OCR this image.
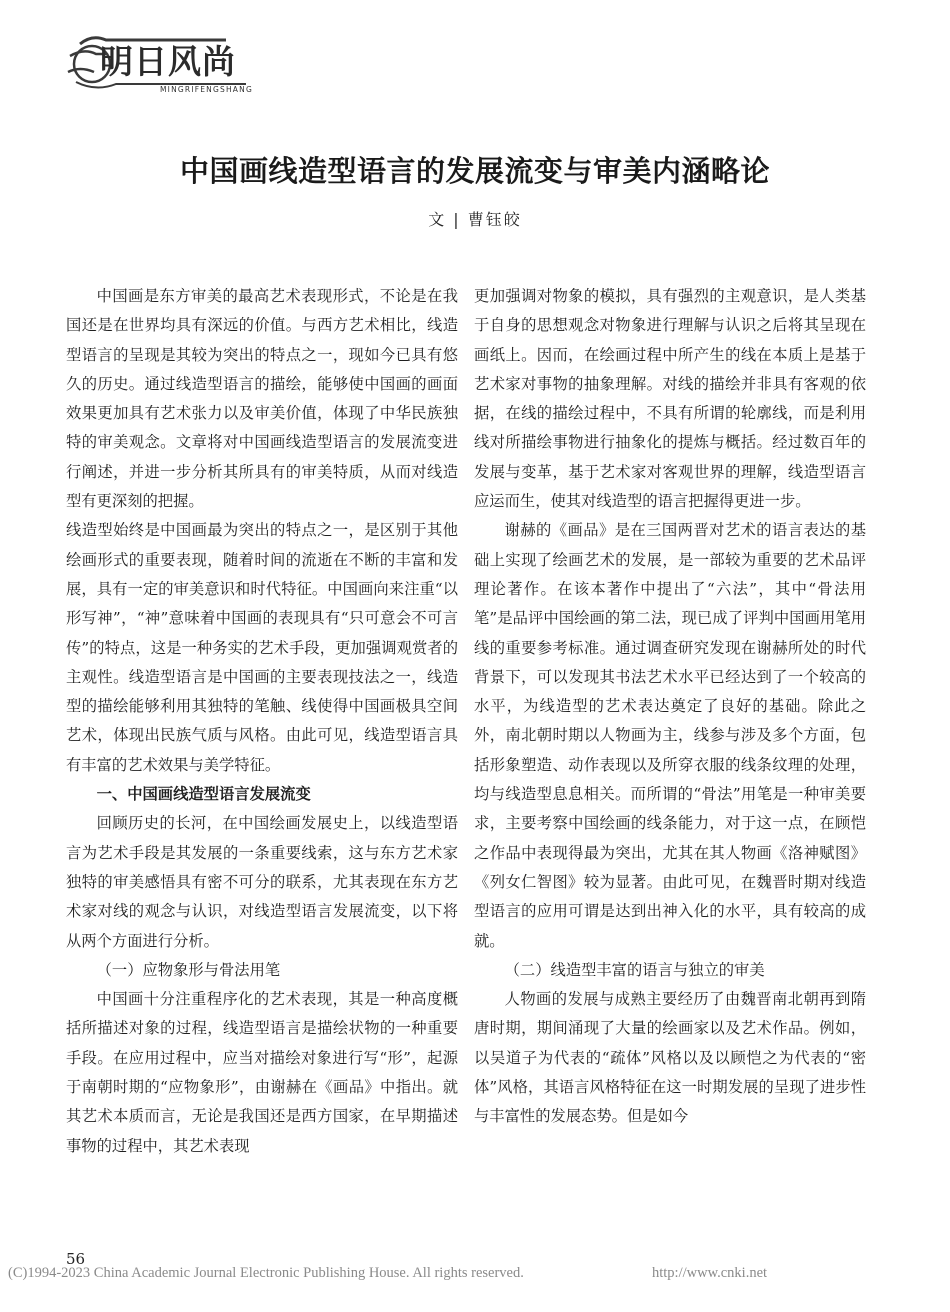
明日风尚
MINGRIFENGSHANG
中国画线造型语言的发展流变与审美内涵略论
文 | 曹钰皎

中国画是东方审美的最高艺术表现形式，不论是在我国还是在世界均具有深远的价值。与西方艺术相比，线造型语言的呈现是其较为突出的特点之一，现如今已具有悠久的历史。通过线造型语言的描绘，能够使中国画的画面效果更加具有艺术张力以及审美价值，体现了中华民族独特的审美观念。文章将对中国画线造型语言的发展流变进行阐述，并进一步分析其所具有的审美特质，从而对线造型有更深刻的把握。

线造型始终是中国画最为突出的特点之一，是区别于其他绘画形式的重要表现，随着时间的流逝在不断的丰富和发展，具有一定的审美意识和时代特征。中国画向来注重“以形写神”，“神”意味着中国画的表现具有“只可意会不可言传”的特点，这是一种务实的艺术手段，更加强调观赏者的主观性。线造型语言是中国画的主要表现技法之一，线造型的描绘能够利用其独特的笔触、线使得中国画极具空间艺术，体现出民族气质与风格。由此可见，线造型语言具有丰富的艺术效果与美学特征。

一、中国画线造型语言发展流变

回顾历史的长河，在中国绘画发展史上，以线造型语言为艺术手段是其发展的一条重要线索，这与东方艺术家独特的审美感悟具有密不可分的联系，尤其表现在东方艺术家对线的观念与认识，对线造型语言发展流变，以下将从两个方面进行分析。

（一）应物象形与骨法用笔

中国画十分注重程序化的艺术表现，其是一种高度概括所描述对象的过程，线造型语言是描绘状物的一种重要手段。在应用过程中，应当对描绘对象进行写“形”，起源于南朝时期的“应物象形”，由谢赫在《画品》中指出。就其艺术本质而言，无论是我国还是西方国家，在早期描述事物的过程中，其艺术表现

更加强调对物象的模拟，具有强烈的主观意识，是人类基于自身的思想观念对物象进行理解与认识之后将其呈现在画纸上。因而，在绘画过程中所产生的线在本质上是基于艺术家对事物的抽象理解。对线的描绘并非具有客观的依据，在线的描绘过程中，不具有所谓的轮廓线，而是利用线对所描绘事物进行抽象化的提炼与概括。经过数百年的发展与变革，基于艺术家对客观世界的理解，线造型语言应运而生，使其对线造型的语言把握得更进一步。

谢赫的《画品》是在三国两晋对艺术的语言表达的基础上实现了绘画艺术的发展，是一部较为重要的艺术品评理论著作。在该本著作中提出了“六法”，其中“骨法用笔”是品评中国绘画的第二法，现已成了评判中国画用笔用线的重要参考标准。通过调查研究发现在谢赫所处的时代背景下，可以发现其书法艺术水平已经达到了一个较高的水平，为线造型的艺术表达奠定了良好的基础。除此之外，南北朝时期以人物画为主，线参与涉及多个方面，包括形象塑造、动作表现以及所穿衣服的线条纹理的处理，均与线造型息息相关。而所谓的“骨法”用笔是一种审美要求，主要考察中国绘画的线条能力，对于这一点，在顾恺之作品中表现得最为突出，尤其在其人物画《洛神赋图》《列女仁智图》较为显著。由此可见，在魏晋时期对线造型语言的应用可谓是达到出神入化的水平，具有较高的成就。

（二）线造型丰富的语言与独立的审美

人物画的发展与成熟主要经历了由魏晋南北朝再到隋唐时期，期间涌现了大量的绘画家以及艺术作品。例如，以吴道子为代表的“疏体”风格以及以顾恺之为代表的“密体”风格，其语言风格特征在这一时期发展的呈现了进步性与丰富性的发展态势。但是如今

56
(C)1994-2023 China Academic Journal Electronic Publishing House. All rights reserved.	http://www.cnki.net
